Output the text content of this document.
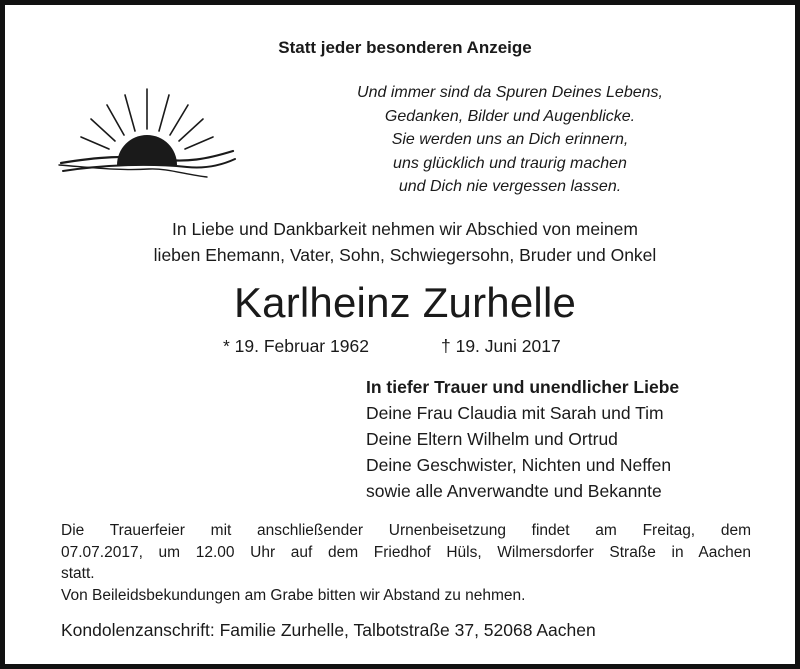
Statt jeder besonderen Anzeige
Und immer sind da Spuren Deines Lebens,
Gedanken, Bilder und Augenblicke.
Sie werden uns an Dich erinnern,
uns glücklich und traurig machen
und Dich nie vergessen lassen.
In Liebe und Dankbarkeit nehmen wir Abschied von meinem
lieben Ehemann, Vater, Sohn, Schwiegersohn, Bruder und Onkel
Karlheinz Zurhelle
* 19. Februar 1962	† 19. Juni 2017
In tiefer Trauer und unendlicher Liebe
Deine Frau Claudia mit Sarah und Tim
Deine Eltern Wilhelm und Ortrud
Deine Geschwister, Nichten und Neffen
sowie alle Anverwandte und Bekannte
Die Trauerfeier mit anschließender Urnenbeisetzung findet am Freitag, dem
07.07.2017, um 12.00 Uhr auf dem Friedhof Hüls, Wilmersdorfer Straße in Aachen
statt.
Von Beileidsbekundungen am Grabe bitten wir Abstand zu nehmen.
Kondolenzanschrift: Familie Zurhelle, Talbotstraße 37, 52068 Aachen
